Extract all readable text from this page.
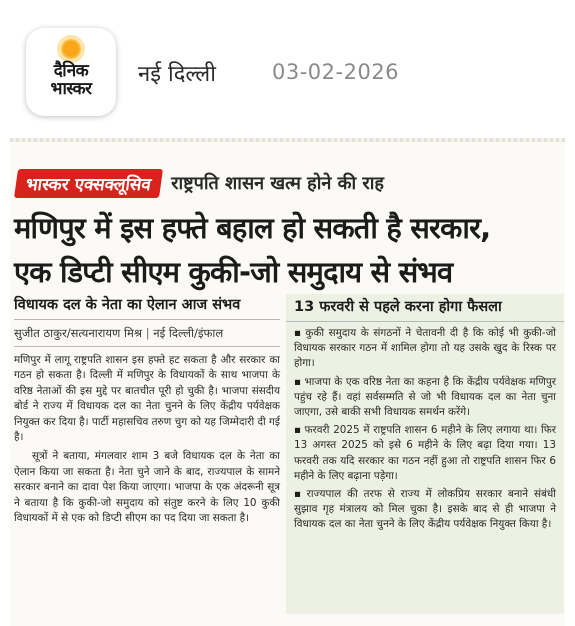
दैनिक
भास्कर
नई दिल्ली	03-02-2026
भास्कर एक्सक्लूसिव	राष्ट्रपति शासन खत्म होने की राह
मणिपुर में इस हफ्ते बहाल हो सकती है सरकार,
एक डिप्टी सीएम कुकी-जो समुदाय से संभव
विधायक दल के नेता का ऐलान आज संभव
सुजीत ठाकुर/सत्यनारायण मिश्र | नई दिल्ली/इंफाल

मणिपुर में लागू राष्ट्रपति शासन इस हफ्ते हट सकता है और सरकार का गठन हो सकता है। दिल्ली में मणिपुर के विधायकों के साथ भाजपा के वरिष्ठ नेताओं की इस मुद्दे पर बातचीत पूरी हो चुकी है। भाजपा संसदीय बोर्ड ने राज्य में विधायक दल का नेता चुनने के लिए केंद्रीय पर्यवेक्षक नियुक्त कर दिया है। पार्टी महासचिव तरुण चुग को यह जिम्मेदारी दी गई है।

सूत्रों ने बताया, मंगलवार शाम 3 बजे विधायक दल के नेता का ऐलान किया जा सकता है। नेता चुने जाने के बाद, राज्यपाल के सामने सरकार बनाने का दावा पेश किया जाएगा। भाजपा के एक अंदरूनी सूत्र ने बताया है कि कुकी-जो समुदाय को संतुष्ट करने के लिए 10 कुकी विधायकों में से एक को डिप्टी सीएम का पद दिया जा सकता है।

13 फरवरी से पहले करना होगा फैसला
▪ कुकी समुदाय के संगठनों ने चेतावनी दी है कि कोई भी कुकी-जो विधायक सरकार गठन में शामिल होगा तो यह उसके खुद के रिस्क पर होगा।
▪ भाजपा के एक वरिष्ठ नेता का कहना है कि केंद्रीय पर्यवेक्षक मणिपुर पहुंच रहे हैं। वहां सर्वसम्मति से जो भी विधायक दल का नेता चुना जाएगा, उसे बाकी सभी विधायक समर्थन करेंगे।
▪ फरवरी 2025 में राष्ट्रपति शासन 6 महीने के लिए लगाया था। फिर 13 अगस्त 2025 को इसे 6 महीने के लिए बढ़ा दिया गया। 13 फरवरी तक यदि सरकार का गठन नहीं हुआ तो राष्ट्रपति शासन फिर 6 महीने के लिए बढ़ाना पड़ेगा।
▪ राज्यपाल की तरफ से राज्य में लोकप्रिय सरकार बनाने संबंधी सुझाव गृह मंत्रालय को मिल चुका है। इसके बाद से ही भाजपा ने विधायक दल का नेता चुनने के लिए केंद्रीय पर्यवेक्षक नियुक्त किया है।
